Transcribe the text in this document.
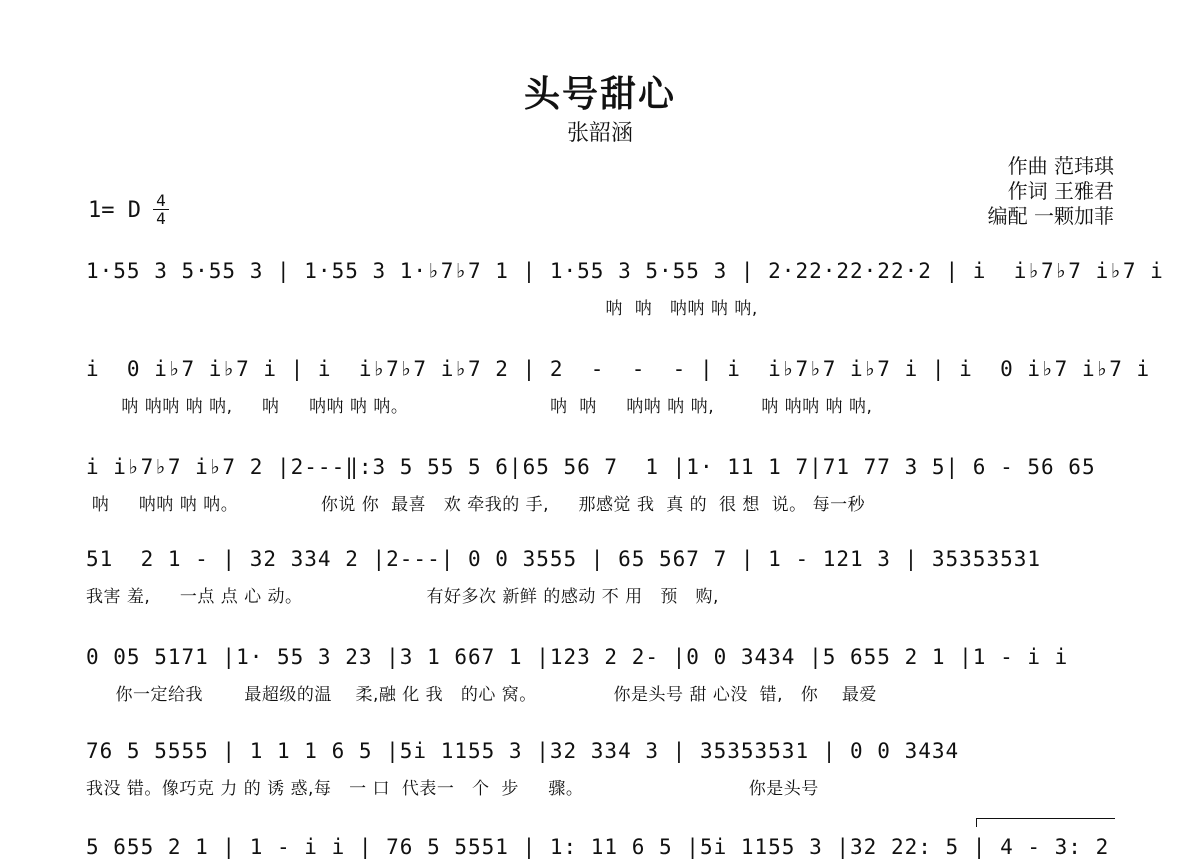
头号甜心
张韶涵
作曲 范玮琪
作词 王雅君
编配 一颗加菲
1= D 4
4
1·55 3 5·55 3 | 1·55 3 1·♭7♭7 1 | 1·55 3 5·55 3 | 2·22·22·22·2 | i  i♭7♭7 i♭7 i
呐  呐   呐呐 呐 呐,
i  0 i♭7 i♭7 i | i  i♭7♭7 i♭7 2 | 2  -  -  - | i  i♭7♭7 i♭7 i | i  0 i♭7 i♭7 i
呐 呐呐 呐 呐,     呐     呐呐 呐 呐。                        呐  呐     呐呐 呐 呐,        呐 呐呐 呐 呐,
i i♭7♭7 i♭7 2 |2---‖:3 5 55 5 6|65 56 7  1 |1· 11 1 7|71 77 3 5| 6 - 56 65
呐     呐呐 呐 呐。              你说 你  最喜   欢 牵我的 手,     那感觉 我  真 的  很 想  说。 每一秒
51  2 1 - | 32 334 2 |2---| 0 0 3555 | 65 567 7 | 1 - 121 3 | 35353531
我害 羞,     一点 点 心 动。                     有好多次 新鲜 的感动 不 用   预   购,
0 05 5171 |1· 55 3 23 |3 1 667 1 |123 2 2- |0 0 3434 |5 655 2 1 |1 - i i
你一定给我       最超级的温    柔,融 化 我   的心 窝。             你是头号 甜 心没  错,   你    最爱
76 5 5555 | 1 1 1 6 5 |5i 1155 3 |32 334 3 | 35353531 | 0 0 3434
我没 错。像巧克 力 的 诱 惑,每   一 口  代表一   个  步     骤。                            你是头号
5 655 2 1 | 1 - i i | 76 5 5551 | 1: 11 6 5 |5i 1155 3 |32 22: 5 | 4 - 3: 2
